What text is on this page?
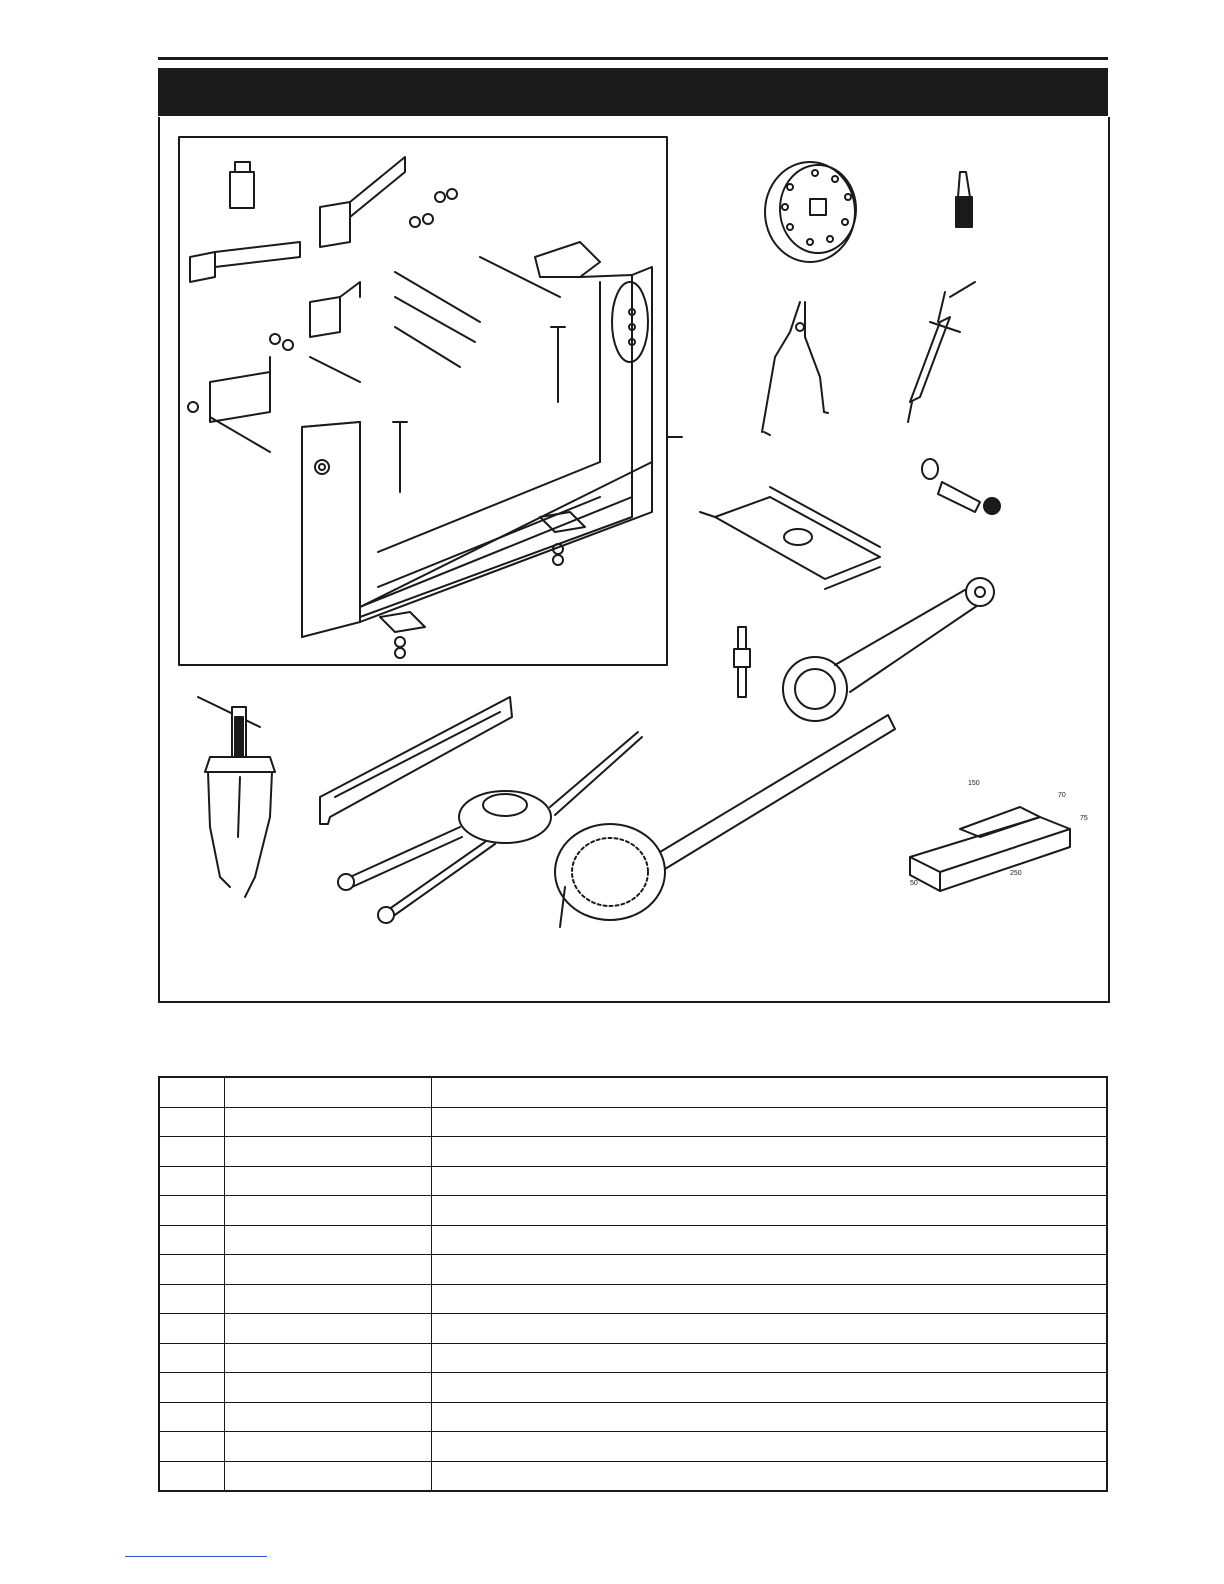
150
70
75
50
250
